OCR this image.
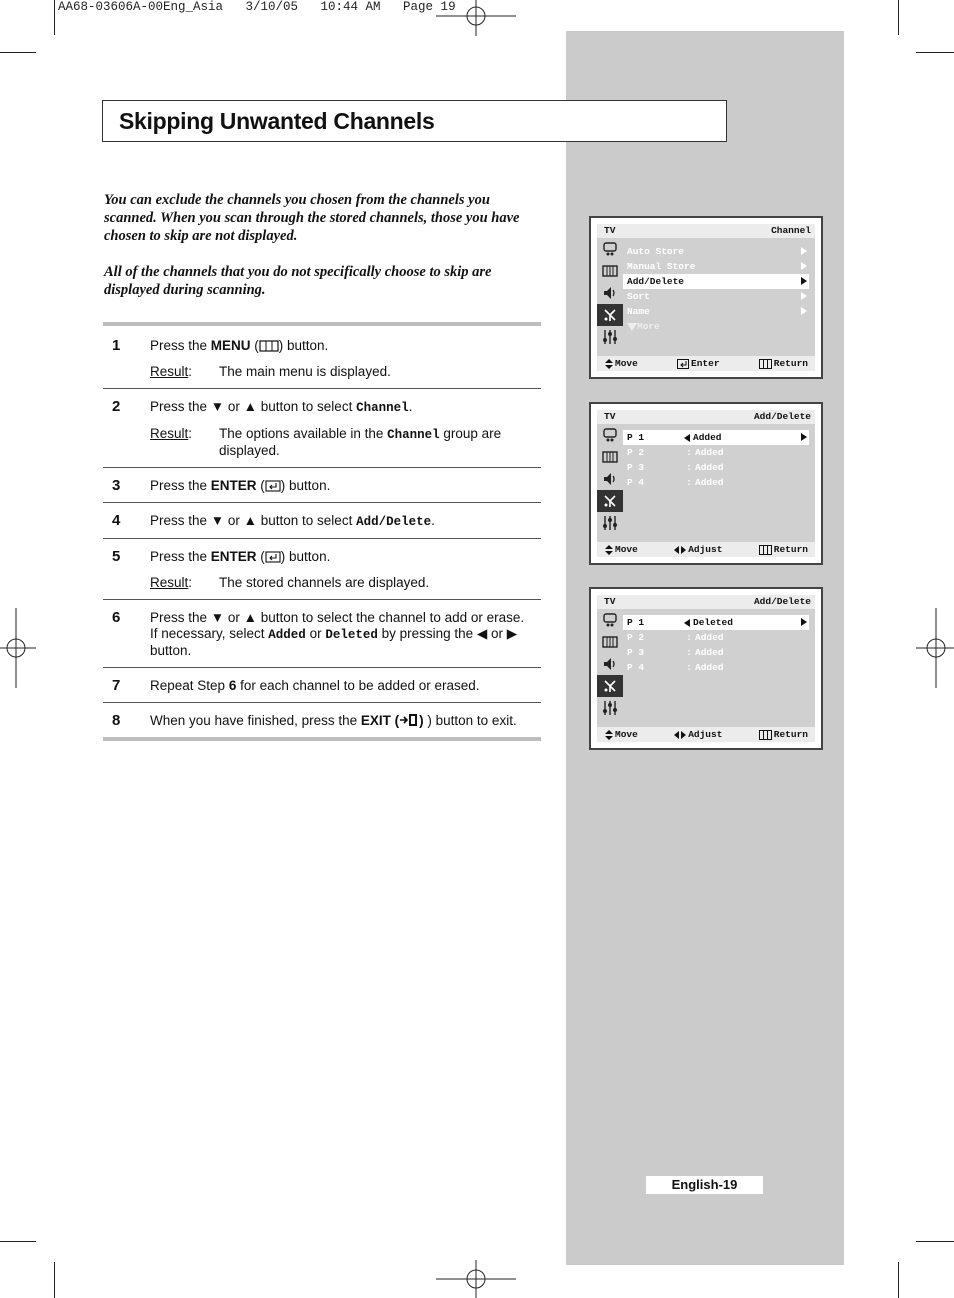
AA68-03606A-00Eng_Asia   3/10/05   10:44 AM   Page 19
Skipping Unwanted Channels
You can exclude the channels you chosen from the channels you scanned. When you scan through the stored channels, those you have chosen to skip are not displayed.
All of the channels that you do not specifically choose to skip are displayed during scanning.
1 Press the MENU ( ) button.
Result:	The main menu is displayed.
2 Press the ▼ or ▲ button to select Channel.
Result:	The options available in the Channel group are displayed.
3 Press the ENTER ( ) button.
4 Press the ▼ or ▲ button to select Add/Delete.
5 Press the ENTER ( ) button.
Result:	The stored channels are displayed.
6 Press the ▼ or ▲ button to select the channel to add or erase.
If necessary, select Added or Deleted by pressing the ◀ or ▶ button.
7 Repeat Step 6 for each channel to be added or erased.
8 When you have finished, press the EXIT ( ) ) button to exit.
TV	Channel
Auto Store
Manual Store
Add/Delete
Sort
Name
More
Move	Enter	Return
TV	Add/Delete
P 1	Added
P 2	: Added
P 3	: Added
P 4	: Added
Move	Adjust	Return
TV	Add/Delete
P 1	Deleted
P 2	: Added
P 3	: Added
P 4	: Added
Move	Adjust	Return
English-19
